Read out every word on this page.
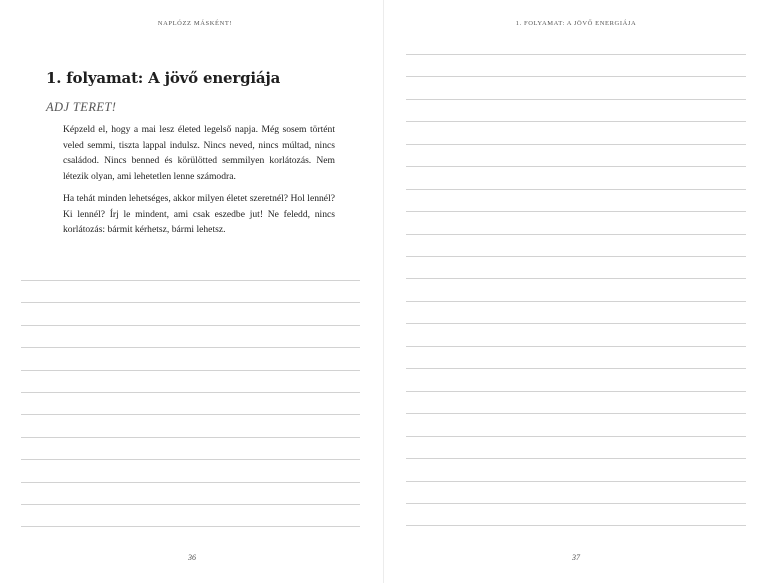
NAPLÓZZ MÁSKÉNT!
1. folyamat: A jövő energiája
ADJ TERET!

Képzeld el, hogy a mai lesz életed legelső napja. Még sosem történt veled semmi, tiszta lappal indulsz. Nincs neved, nincs múltad, nincs családod. Nincs benned és körülötted semmilyen korlátozás. Nem létezik olyan, ami lehetetlen lenne számodra.

Ha tehát minden lehetséges, akkor milyen életet szeretnél? Hol lennél? Ki lennél? Írj le mindent, ami csak eszedbe jut! Ne feledd, nincs korlátozás: bármit kérhetsz, bármi lehetsz.

36
1. FOLYAMAT: A JÖVŐ ENERGIÁJA
37
